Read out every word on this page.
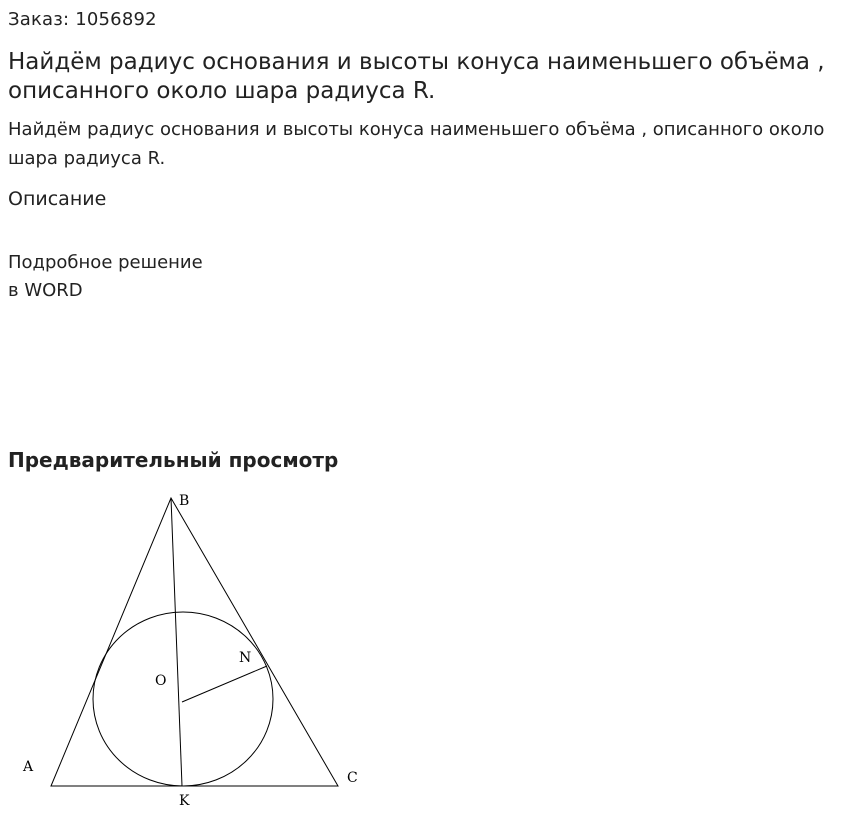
Заказ: 1056892
Найдём радиус основания и высоты конуса наименьшего объёма , описанного около шара радиуса R.

Найдём радиус основания и высоты конуса наименьшего объёма , описанного около шара радиуса R.

Описание
Подробное решение
в WORD
Предварительный просмотр
B
A
C
K
N
O
